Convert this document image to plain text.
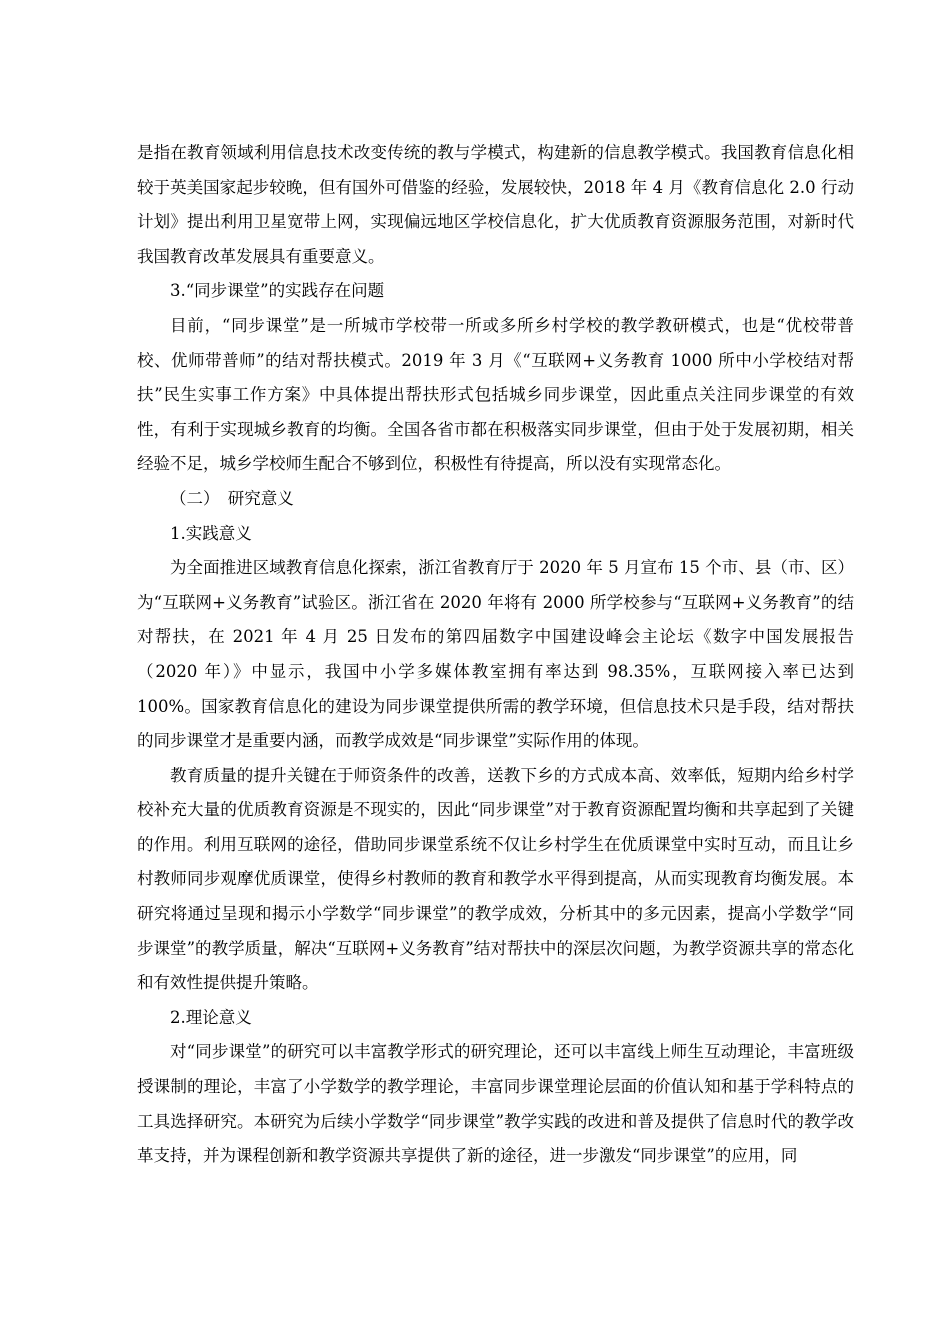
是指在教育领域利用信息技术改变传统的教与学模式，构建新的信息教学模式。我国教育信息化相较于英美国家起步较晚，但有国外可借鉴的经验，发展较快，2018 年 4 月《教育信息化 2.0 行动计划》提出利用卫星宽带上网，实现偏远地区学校信息化，扩大优质教育资源服务范围，对新时代我国教育改革发展具有重要意义。

3.“同步课堂”的实践存在问题

目前，“同步课堂”是一所城市学校带一所或多所乡村学校的教学教研模式，也是“优校带普校、优师带普师”的结对帮扶模式。2019 年 3 月《“互联网+义务教育 1000 所中小学校结对帮扶”民生实事工作方案》中具体提出帮扶形式包括城乡同步课堂，因此重点关注同步课堂的有效性，有利于实现城乡教育的均衡。全国各省市都在积极落实同步课堂，但由于处于发展初期，相关经验不足，城乡学校师生配合不够到位，积极性有待提高，所以没有实现常态化。

（二）　研究意义

1.实践意义

为全面推进区域教育信息化探索，浙江省教育厅于 2020 年 5 月宣布 15 个市、县（市、区）为“互联网+义务教育”试验区。浙江省在 2020 年将有 2000 所学校参与“互联网+义务教育”的结对帮扶，在 2021 年 4 月 25 日发布的第四届数字中国建设峰会主论坛《数字中国发展报告（2020 年）》中显示，我国中小学多媒体教室拥有率达到 98.35%，互联网接入率已达到 100%。国家教育信息化的建设为同步课堂提供所需的教学环境，但信息技术只是手段，结对帮扶的同步课堂才是重要内涵，而教学成效是“同步课堂”实际作用的体现。

教育质量的提升关键在于师资条件的改善，送教下乡的方式成本高、效率低，短期内给乡村学校补充大量的优质教育资源是不现实的，因此“同步课堂”对于教育资源配置均衡和共享起到了关键的作用。利用互联网的途径，借助同步课堂系统不仅让乡村学生在优质课堂中实时互动，而且让乡村教师同步观摩优质课堂，使得乡村教师的教育和教学水平得到提高，从而实现教育均衡发展。本研究将通过呈现和揭示小学数学“同步课堂”的教学成效，分析其中的多元因素，提高小学数学“同步课堂”的教学质量，解决“互联网+义务教育”结对帮扶中的深层次问题，为教学资源共享的常态化和有效性提供提升策略。

2.理论意义

对“同步课堂”的研究可以丰富教学形式的研究理论，还可以丰富线上师生互动理论，丰富班级授课制的理论，丰富了小学数学的教学理论，丰富同步课堂理论层面的价值认知和基于学科特点的工具选择研究。本研究为后续小学数学“同步课堂”教学实践的改进和普及提供了信息时代的教学改革支持，并为课程创新和教学资源共享提供了新的途径，进一步激发“同步课堂”的应用，同
